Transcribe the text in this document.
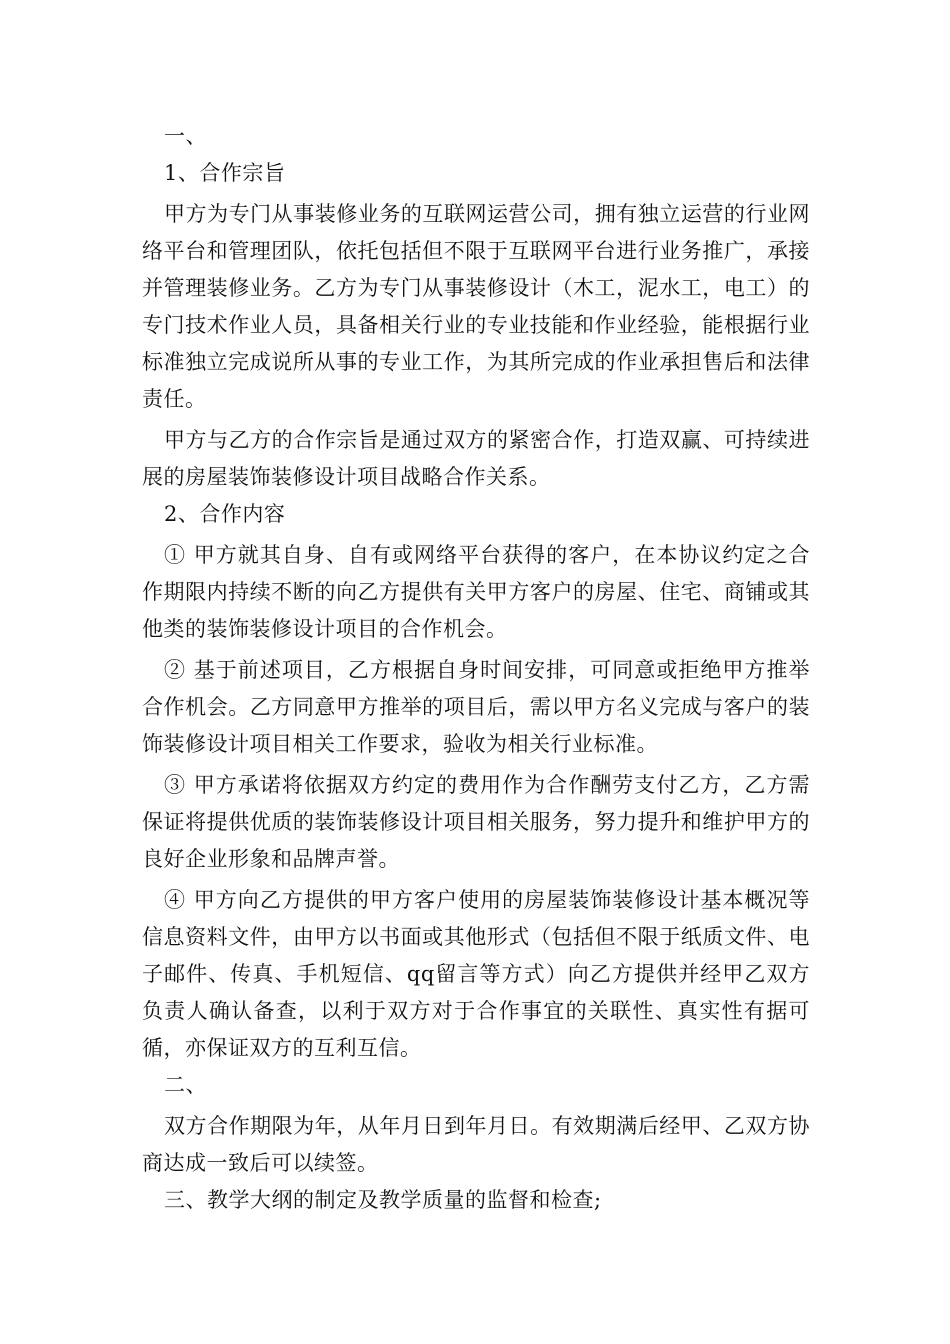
一、

1、合作宗旨

甲方为专门从事装修业务的互联网运营公司，拥有独立运营的行业网络平台和管理团队，依托包括但不限于互联网平台进行业务推广，承接并管理装修业务。乙方为专门从事装修设计（木工，泥水工，电工）的专门技术作业人员，具备相关行业的专业技能和作业经验，能根据行业标准独立完成说所从事的专业工作，为其所完成的作业承担售后和法律责任。

甲方与乙方的合作宗旨是通过双方的紧密合作，打造双赢、可持续进展的房屋装饰装修设计项目战略合作关系。

2、合作内容

① 甲方就其自身、自有或网络平台获得的客户，在本协议约定之合作期限内持续不断的向乙方提供有关甲方客户的房屋、住宅、商铺或其他类的装饰装修设计项目的合作机会。

② 基于前述项目，乙方根据自身时间安排，可同意或拒绝甲方推举合作机会。乙方同意甲方推举的项目后，需以甲方名义完成与客户的装饰装修设计项目相关工作要求，验收为相关行业标准。

③ 甲方承诺将依据双方约定的费用作为合作酬劳支付乙方，乙方需保证将提供优质的装饰装修设计项目相关服务，努力提升和维护甲方的良好企业形象和品牌声誉。

④ 甲方向乙方提供的甲方客户使用的房屋装饰装修设计基本概况等信息资料文件，由甲方以书面或其他形式（包括但不限于纸质文件、电子邮件、传真、手机短信、qq留言等方式）向乙方提供并经甲乙双方负责人确认备查，以利于双方对于合作事宜的关联性、真实性有据可循，亦保证双方的互利互信。

二、

双方合作期限为年，从年月日到年月日。有效期满后经甲、乙双方协商达成一致后可以续签。

三、教学大纲的制定及教学质量的监督和检查;
